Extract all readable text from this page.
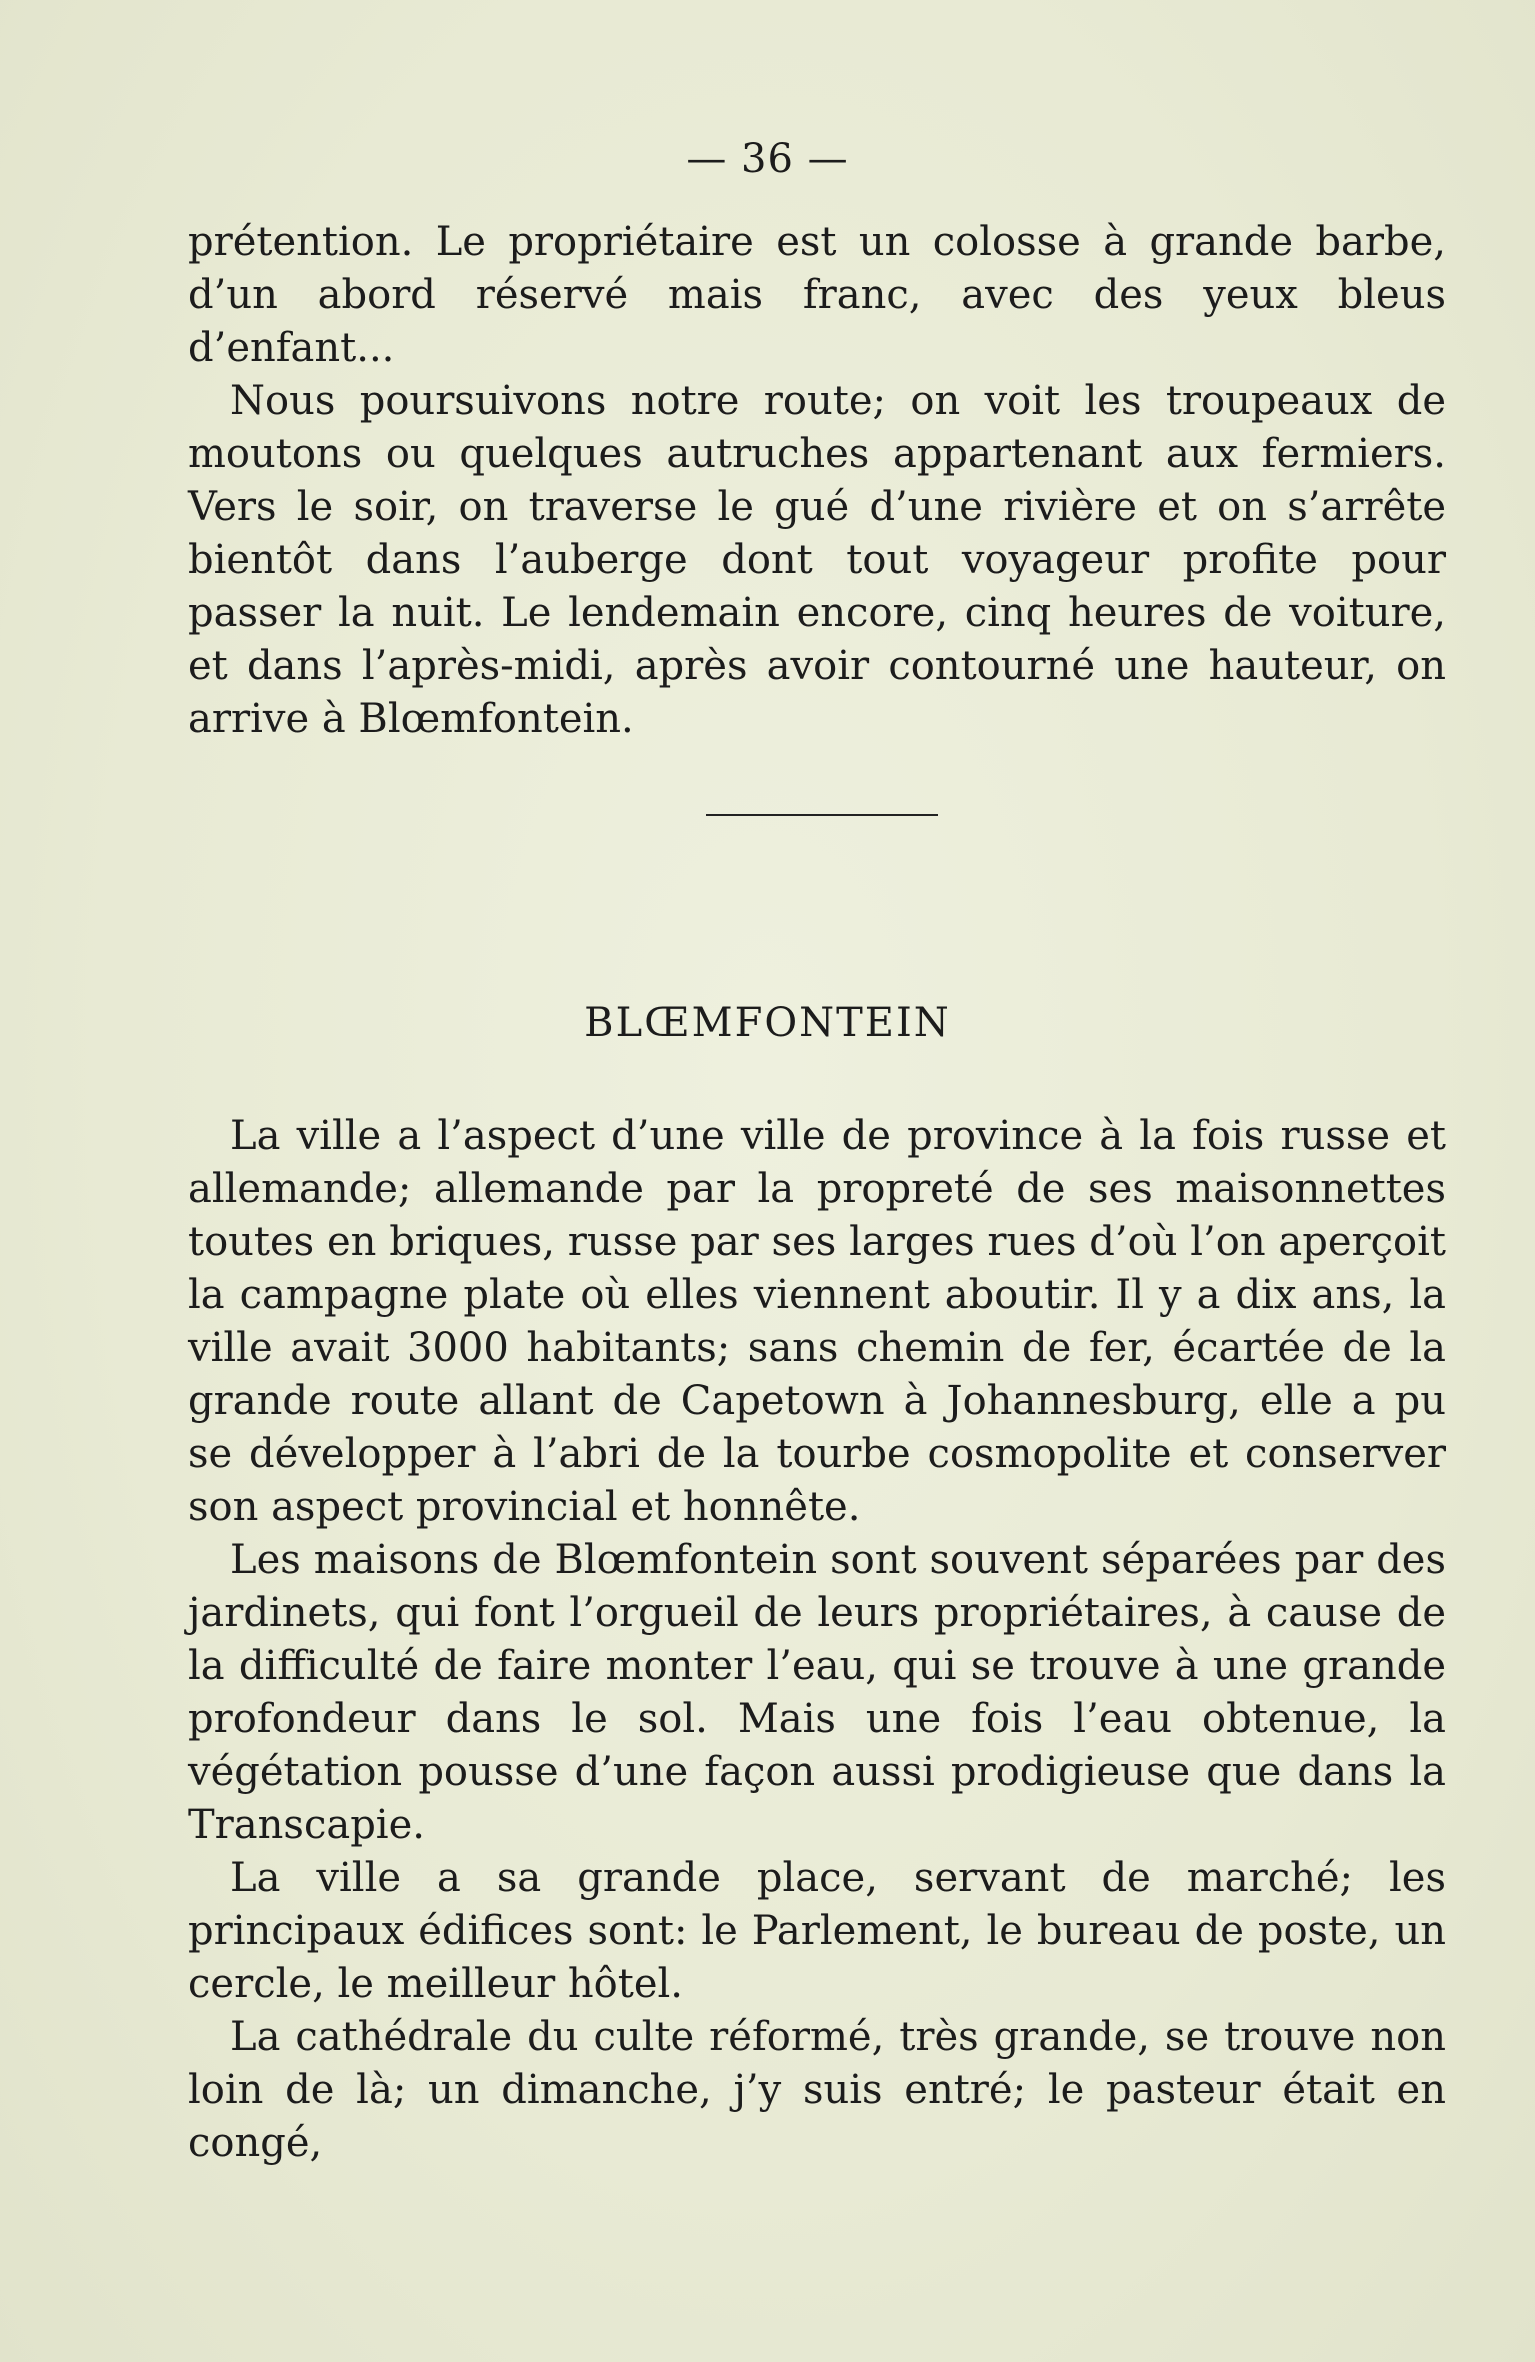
— 36 —

prétention. Le propriétaire est un colosse à grande barbe, d’un abord réservé mais franc, avec des yeux bleus d’enfant...

Nous poursuivons notre route; on voit les troupeaux de moutons ou quelques autruches appartenant aux fermiers. Vers le soir, on traverse le gué d’une rivière et on s’arrête bientôt dans l’auberge dont tout voyageur profite pour passer la nuit. Le lendemain encore, cinq heures de voiture, et dans l’après-midi, après avoir contourné une hauteur, on arrive à Blœmfontein.

BLŒMFONTEIN

La ville a l’aspect d’une ville de province à la fois russe et allemande; allemande par la propreté de ses maisonnettes toutes en briques, russe par ses larges rues d’où l’on aperçoit la campagne plate où elles viennent aboutir. Il y a dix ans, la ville avait 3000 habitants; sans chemin de fer, écartée de la grande route allant de Capetown à Johannesburg, elle a pu se développer à l’abri de la tourbe cosmopolite et conserver son aspect provincial et honnête.

Les maisons de Blœmfontein sont souvent séparées par des jardinets, qui font l’orgueil de leurs propriétaires, à cause de la difficulté de faire monter l’eau, qui se trouve à une grande profondeur dans le sol. Mais une fois l’eau obtenue, la végétation pousse d’une façon aussi prodigieuse que dans la Transcapie.

La ville a sa grande place, servant de marché; les principaux édifices sont: le Parlement, le bureau de poste, un cercle, le meilleur hôtel.

La cathédrale du culte réformé, très grande, se trouve non loin de là; un dimanche, j’y suis entré; le pasteur était en congé,
